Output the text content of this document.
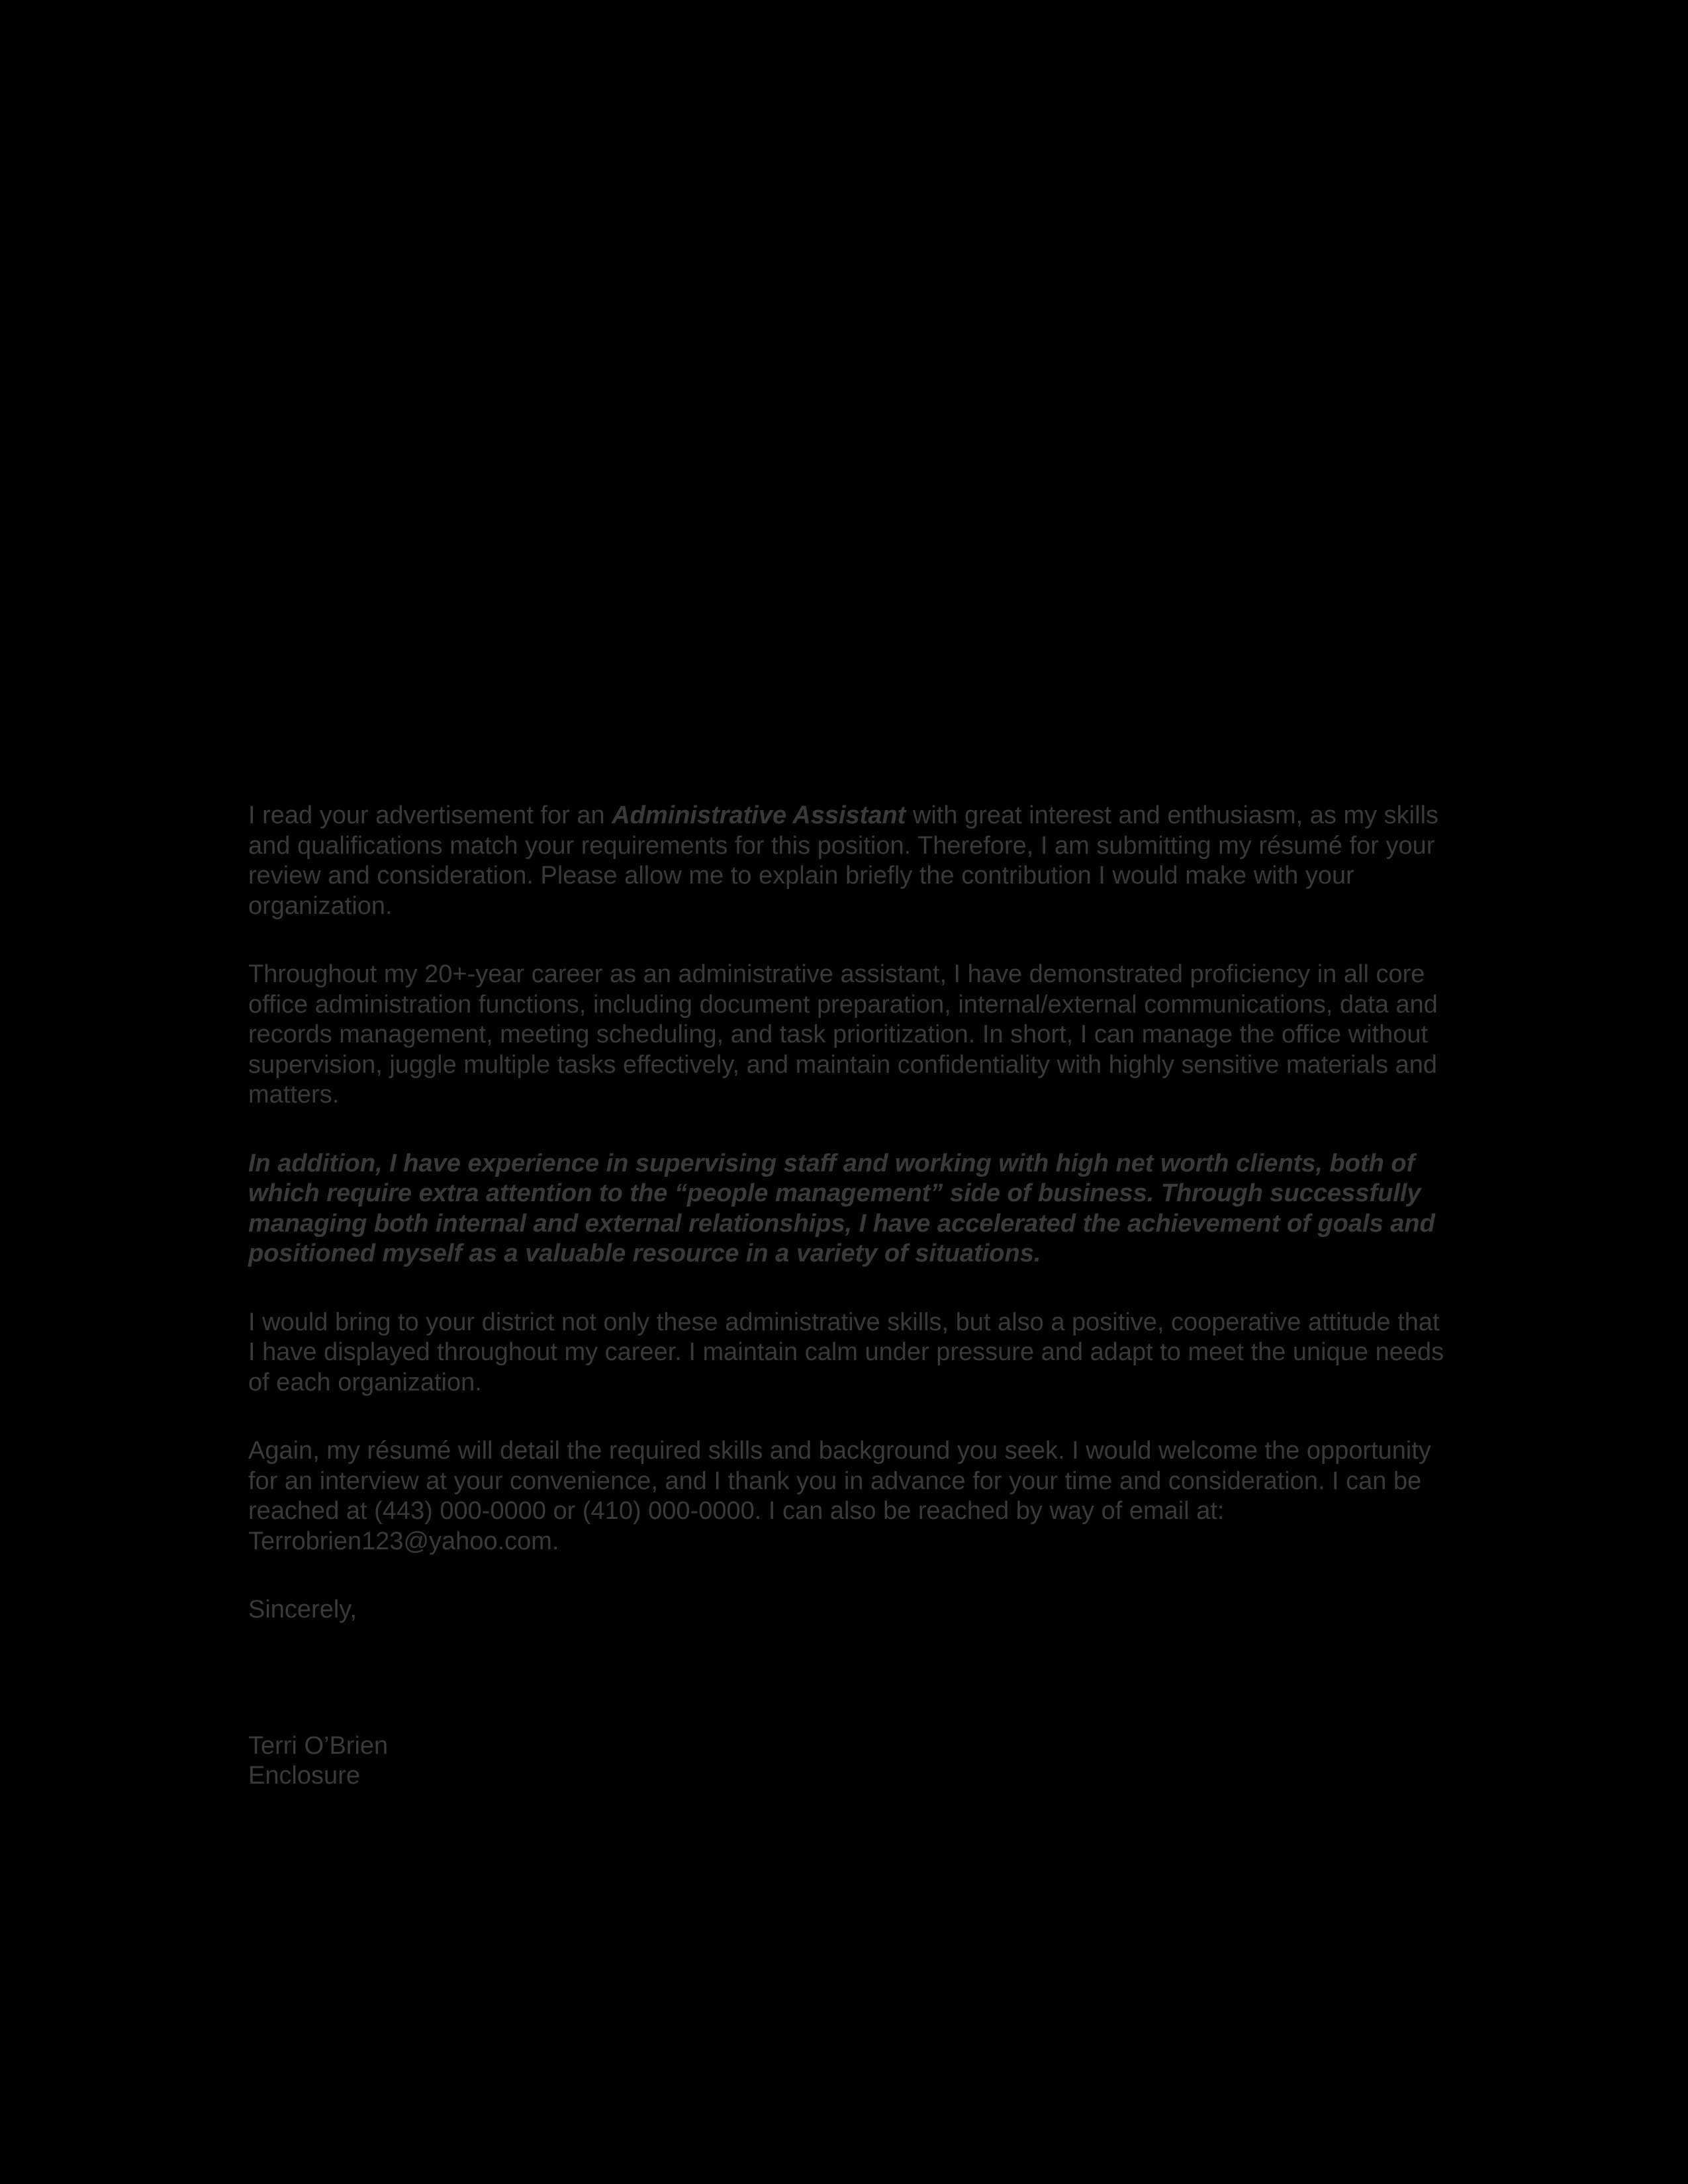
I read your advertisement for an Administrative Assistant with great interest and enthusiasm, as my skills and qualifications match your requirements for this position. Therefore, I am submitting my résumé for your review and consideration. Please allow me to explain briefly the contribution I would make with your organization.

Throughout my 20+-year career as an administrative assistant, I have demonstrated proficiency in all core office administration functions, including document preparation, internal/external communications, data and records management, meeting scheduling, and task prioritization. In short, I can manage the office without supervision, juggle multiple tasks effectively, and maintain confidentiality with highly sensitive materials and matters.

In addition, I have experience in supervising staff and working with high net worth clients, both of which require extra attention to the “people management” side of business. Through successfully managing both internal and external relationships, I have accelerated the achievement of goals and positioned myself as a valuable resource in a variety of situations.

I would bring to your district not only these administrative skills, but also a positive, cooperative attitude that I have displayed throughout my career. I maintain calm under pressure and adapt to meet the unique needs of each organization.

Again, my résumé will detail the required skills and background you seek. I would welcome the opportunity for an interview at your convenience, and I thank you in advance for your time and consideration. I can be reached at (443) 000-0000 or (410) 000-0000. I can also be reached by way of email at: Terrobrien123@yahoo.com.

Sincerely,

Terri O’Brien

Enclosure
